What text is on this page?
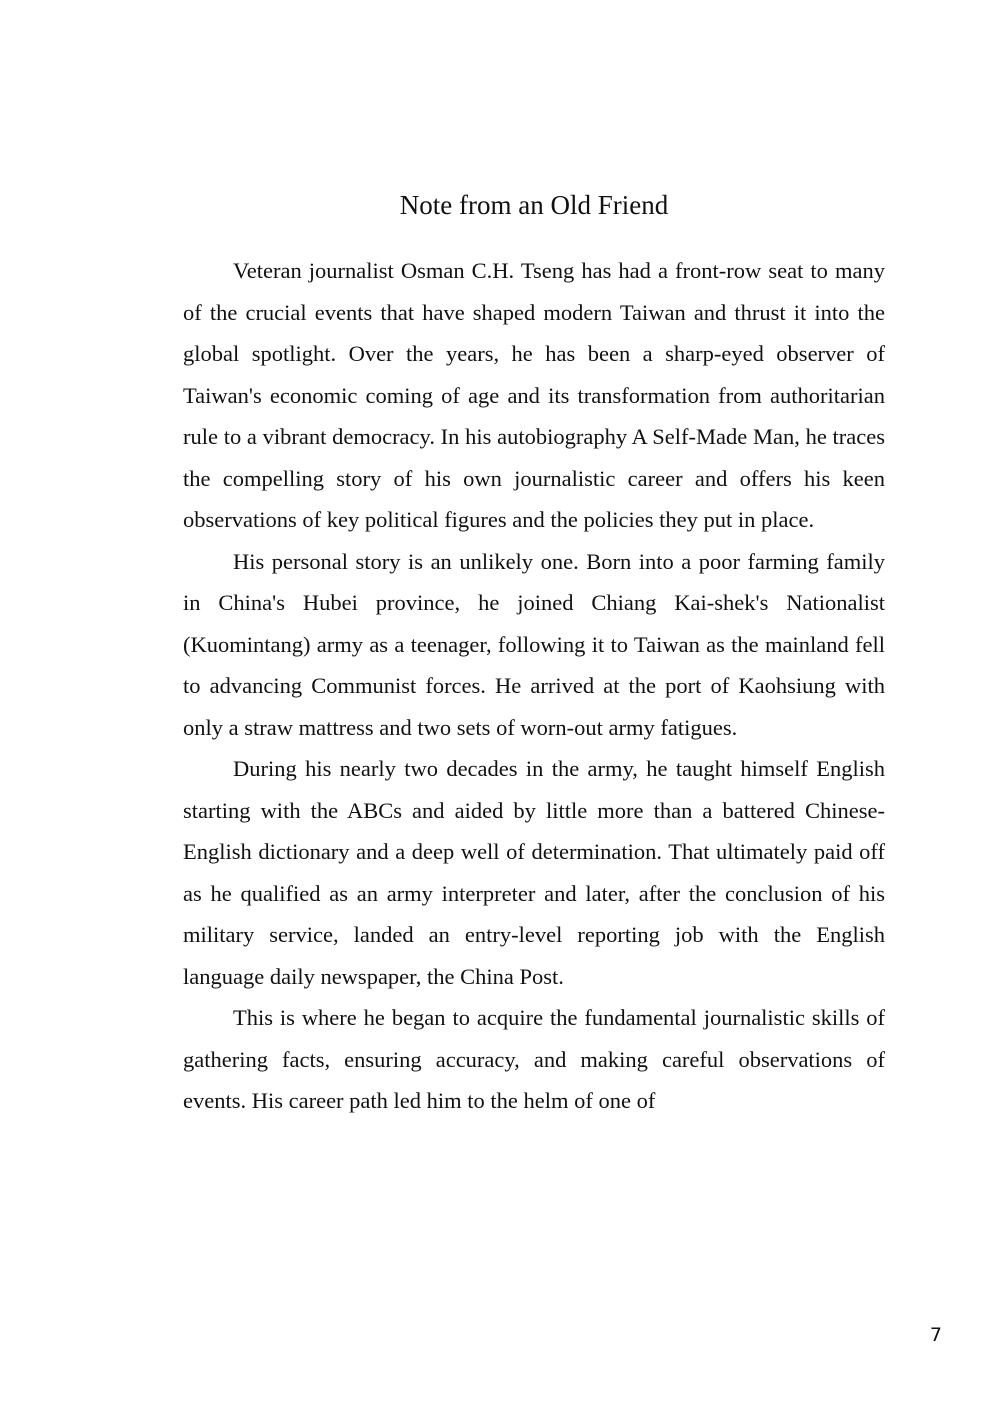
Note from an Old Friend

Veteran journalist Osman C.H. Tseng has had a front-row seat to many of the crucial events that have shaped modern Taiwan and thrust it into the global spotlight. Over the years, he has been a sharp-eyed observer of Taiwan's economic coming of age and its transformation from authoritarian rule to a vibrant democracy. In his autobiography A Self-Made Man, he traces the compelling story of his own journalistic career and offers his keen observations of key political figures and the policies they put in place.

His personal story is an unlikely one. Born into a poor farming family in China's Hubei province, he joined Chiang Kai-shek's Nationalist (Kuomintang) army as a teenager, following it to Taiwan as the mainland fell to advancing Communist forces. He arrived at the port of Kaohsiung with only a straw mattress and two sets of worn-out army fatigues.

During his nearly two decades in the army, he taught himself English starting with the ABCs and aided by little more than a battered Chinese-English dictionary and a deep well of determination. That ultimately paid off as he qualified as an army interpreter and later, after the conclusion of his military service, landed an entry-level reporting job with the English language daily newspaper, the China Post.

This is where he began to acquire the fundamental journalistic skills of gathering facts, ensuring accuracy, and making careful observations of events. His career path led him to the helm of one of

7
